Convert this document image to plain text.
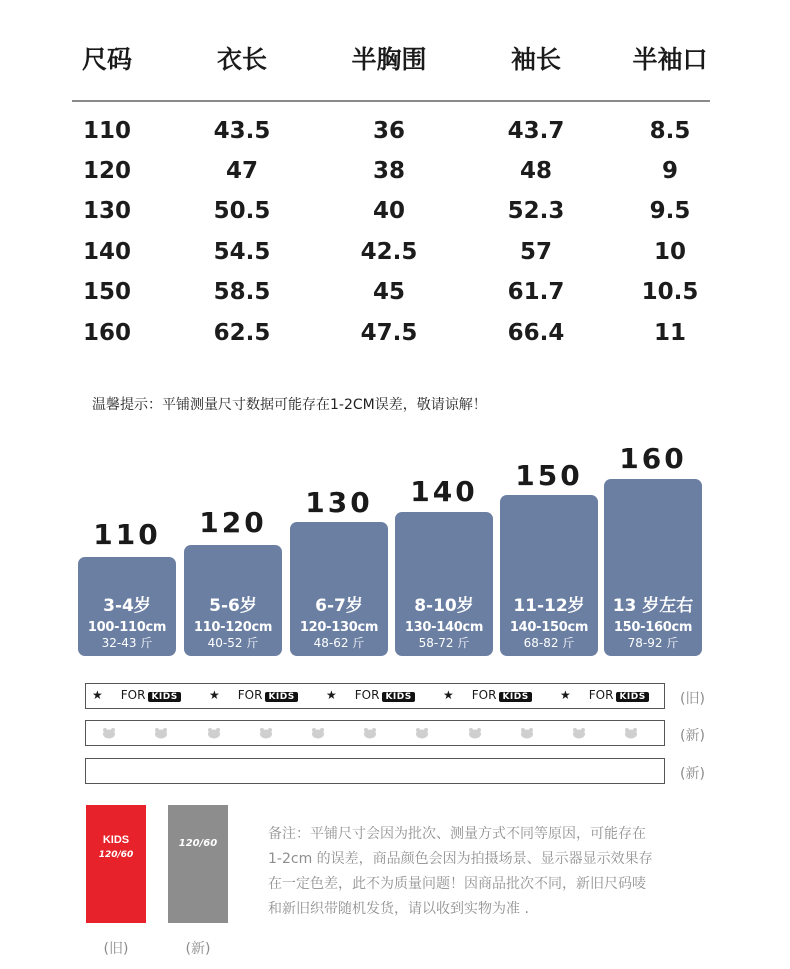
尺码	衣长	半胸围	袖长	半袖口
110	43.5	36	43.7	8.5
120	47	38	48	9
130	50.5	40	52.3	9.5
140	54.5	42.5	57	10
150	58.5	45	61.7	10.5
160	62.5	47.5	66.4	11
温馨提示：平铺测量尺寸数据可能存在1-2CM误差，敬请谅解！
110
3-4岁
100-110cm
32-43 斤
120
5-6岁
110-120cm
40-52 斤
130
6-7岁
120-130cm
48-62 斤
140
8-10岁
130-140cm
58-72 斤
150
11-12岁
140-150cm
68-82 斤
160
13 岁左右
150-160cm
78-92 斤
★ FOR KIDS	★ FOR KIDS	★ FOR KIDS	★ FOR KIDS	★ FOR KIDS (旧)
(新)
(新)
KIDS
120/60
(旧)
120/60
(新)

备注：平铺尺寸会因为批次、测量方式不同等原因，可能存在

1-2cm 的误差，商品颜色会因为拍摄场景、显示器显示效果存

在一定色差，此不为质量问题！因商品批次不同，新旧尺码唛

和新旧织带随机发货，请以收到实物为准 .
